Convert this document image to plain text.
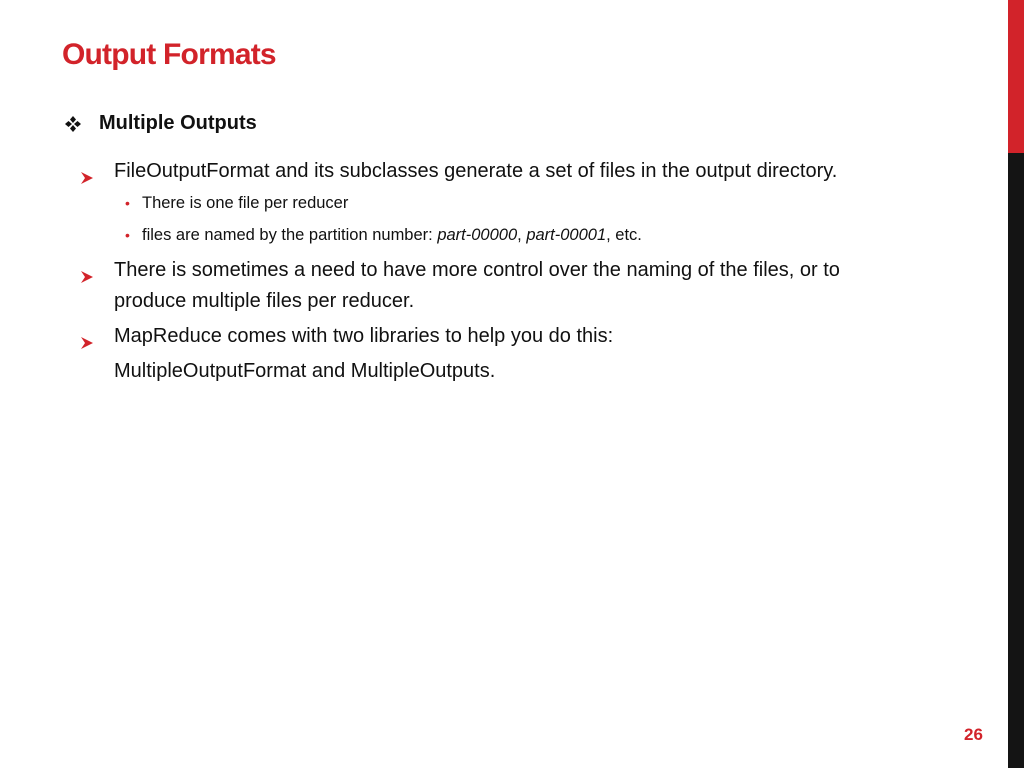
Output Formats
Multiple Outputs
FileOutputFormat and its subclasses generate a set of files in the output directory.
• There is one file per reducer
• files are named by the partition number: part-00000, part-00001, etc.
There is sometimes a need to have more control over the naming of the files, or to produce multiple files per reducer.
MapReduce comes with two libraries to help you do this:
MultipleOutputFormat and MultipleOutputs.
26
